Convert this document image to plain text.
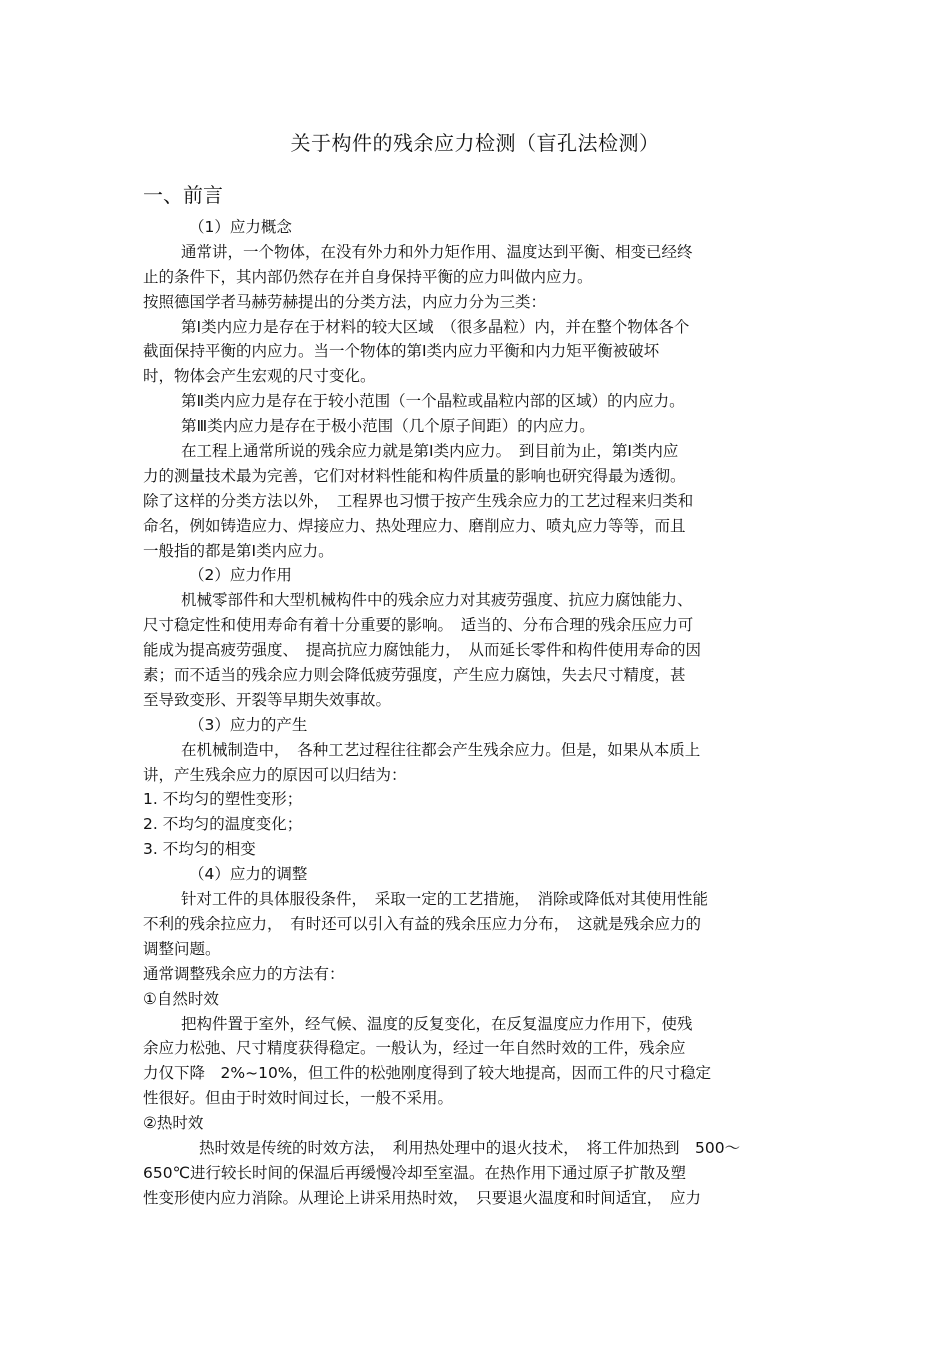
关于构件的残余应力检测（盲孔法检测）
一、前言
（1）应力概念
通常讲，一个物体，在没有外力和外力矩作用、温度达到平衡、相变已经终
止的条件下，其内部仍然存在并自身保持平衡的应力叫做内应力。
按照德国学者马赫劳赫提出的分类方法，内应力分为三类：
第Ⅰ类内应力是存在于材料的较大区域　（很多晶粒）内，并在整个物体各个
截面保持平衡的内应力。当一个物体的第Ⅰ类内应力平衡和内力矩平衡被破坏
时，物体会产生宏观的尺寸变化。
第Ⅱ类内应力是存在于较小范围（一个晶粒或晶粒内部的区域）的内应力。
第Ⅲ类内应力是存在于极小范围（几个原子间距）的内应力。
在工程上通常所说的残余应力就是第Ⅰ类内应力。　到目前为止，第Ⅰ类内应
力的测量技术最为完善，它们对材料性能和构件质量的影响也研究得最为透彻。
除了这样的分类方法以外，　工程界也习惯于按产生残余应力的工艺过程来归类和
命名，例如铸造应力、焊接应力、热处理应力、磨削应力、喷丸应力等等，而且
一般指的都是第Ⅰ类内应力。
（2）应力作用
机械零部件和大型机械构件中的残余应力对其疲劳强度、抗应力腐蚀能力、
尺寸稳定性和使用寿命有着十分重要的影响。　适当的、分布合理的残余压应力可
能成为提高疲劳强度、　提高抗应力腐蚀能力，　从而延长零件和构件使用寿命的因
素；而不适当的残余应力则会降低疲劳强度，产生应力腐蚀，失去尺寸精度，甚
至导致变形、开裂等早期失效事故。
（3）应力的产生
在机械制造中，　各种工艺过程往往都会产生残余应力。但是，如果从本质上
讲，产生残余应力的原因可以归结为：
1. 不均匀的塑性变形；
2. 不均匀的温度变化；
3. 不均匀的相变
（4）应力的调整
针对工件的具体服役条件，　采取一定的工艺措施，　消除或降低对其使用性能
不利的残余拉应力，　有时还可以引入有益的残余压应力分布，　这就是残余应力的
调整问题。
通常调整残余应力的方法有：
①自然时效
把构件置于室外，经气候、温度的反复变化，在反复温度应力作用下，使残
余应力松弛、尺寸精度获得稳定。一般认为，经过一年自然时效的工件，残余应
力仅下降　2%~10%，但工件的松弛刚度得到了较大地提高，因而工件的尺寸稳定
性很好。但由于时效时间过长，一般不采用。
②热时效
热时效是传统的时效方法，　利用热处理中的退火技术，　将工件加热到　500～
650℃进行较长时间的保温后再缓慢冷却至室温。在热作用下通过原子扩散及塑
性变形使内应力消除。从理论上讲采用热时效，　只要退火温度和时间适宜，　应力
